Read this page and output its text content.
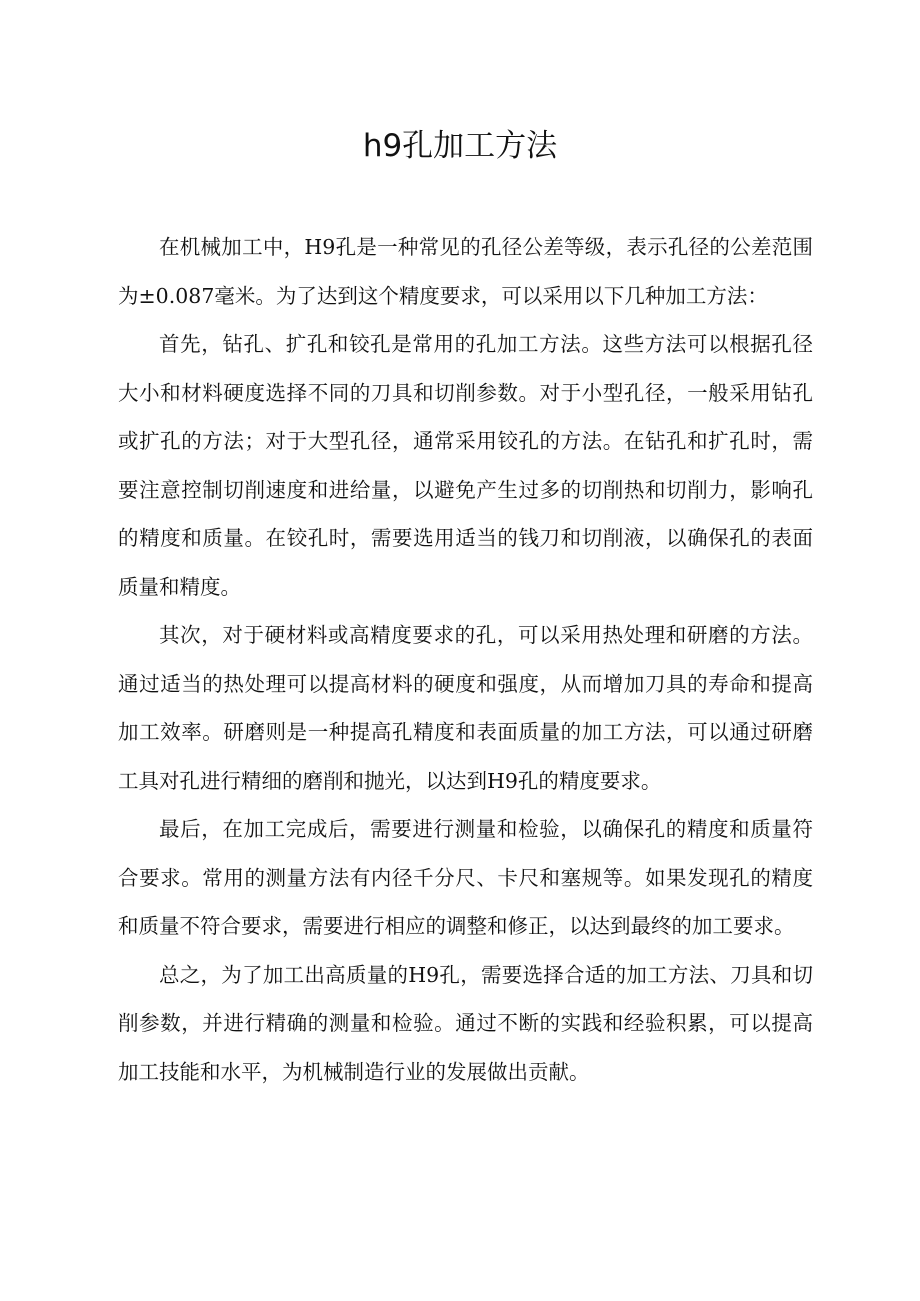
h9孔加工方法

在机械加工中，H9孔是一种常见的孔径公差等级，表示孔径的公差范围为±0.087毫米。为了达到这个精度要求，可以采用以下几种加工方法：

首先，钻孔、扩孔和铰孔是常用的孔加工方法。这些方法可以根据孔径大小和材料硬度选择不同的刀具和切削参数。对于小型孔径，一般采用钻孔或扩孔的方法；对于大型孔径，通常采用铰孔的方法。在钻孔和扩孔时，需要注意控制切削速度和进给量，以避免产生过多的切削热和切削力，影响孔的精度和质量。在铰孔时，需要选用适当的钱刀和切削液，以确保孔的表面质量和精度。

其次，对于硬材料或高精度要求的孔，可以采用热处理和研磨的方法。通过适当的热处理可以提高材料的硬度和强度，从而增加刀具的寿命和提高加工效率。研磨则是一种提高孔精度和表面质量的加工方法，可以通过研磨工具对孔进行精细的磨削和抛光，以达到H9孔的精度要求。

最后，在加工完成后，需要进行测量和检验，以确保孔的精度和质量符合要求。常用的测量方法有内径千分尺、卡尺和塞规等。如果发现孔的精度和质量不符合要求，需要进行相应的调整和修正，以达到最终的加工要求。

总之，为了加工出高质量的H9孔，需要选择合适的加工方法、刀具和切削参数，并进行精确的测量和检验。通过不断的实践和经验积累，可以提高加工技能和水平，为机械制造行业的发展做出贡献。
